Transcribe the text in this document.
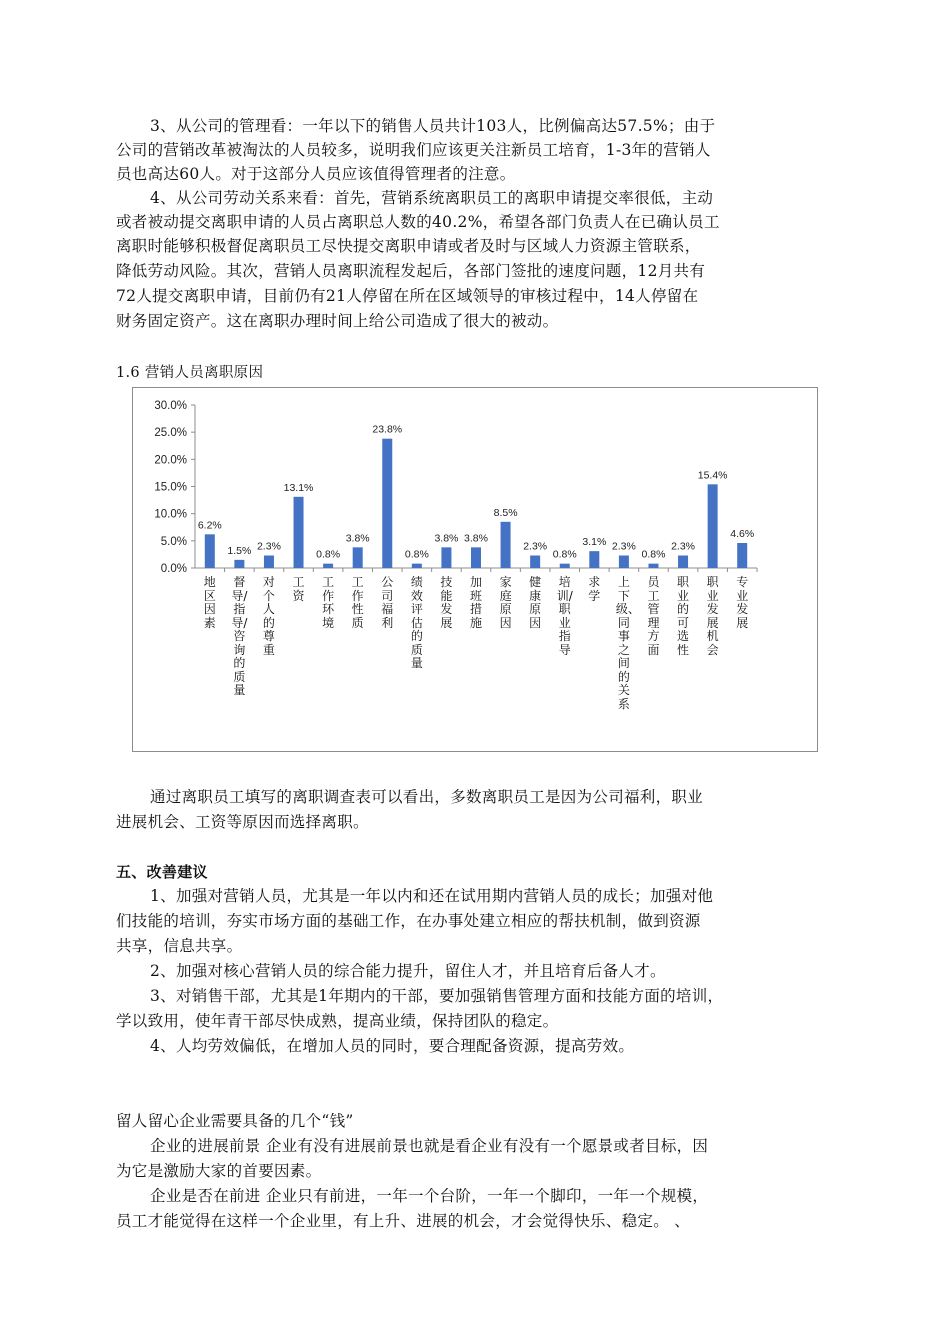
3、从公司的管理看：一年以下的销售人员共计103人，比例偏高达57.5%；由于
公司的营销改革被淘汰的人员较多，说明我们应该更关注新员工培育，1-3年的营销人
员也高达60人。对于这部分人员应该值得管理者的注意。
4、从公司劳动关系来看：首先，营销系统离职员工的离职申请提交率很低，主动
或者被动提交离职申请的人员占离职总人数的40.2%，希望各部门负责人在已确认员工
离职时能够积极督促离职员工尽快提交离职申请或者及时与区域人力资源主管联系，
降低劳动风险。其次，营销人员离职流程发起后，各部门签批的速度问题，12月共有
72人提交离职申请，目前仍有21人停留在所在区域领导的审核过程中，14人停留在
财务固定资产。这在离职办理时间上给公司造成了很大的被动。
1.6 营销人员离职原因
30.0%
25.0%
20.0%
15.0%
10.0%
5.0%
0.0%
6.2%
1.5% 2.3%
13.1%
0.8%
3.8%
23.8%
0.8%
3.8% 3.8%
8.5%
2.3%
0.8%
3.1% 2.3%
0.8%
2.3%
15.4%
4.6%
地区因素
督导/指导/咨询的质量
对个人的尊重
工资
工作环境
工作性质
公司福利
绩效评估的质量
技能发展
加班措施
家庭原因
健康原因
培训/职业指导
求学
上下级、同事之间的关系
员工管理方面
职业的可选性
职业发展机会
专业发展
通过离职员工填写的离职调查表可以看出，多数离职员工是因为公司福利，职业
进展机会、工资等原因而选择离职。
五、改善建议
1、加强对营销人员，尤其是一年以内和还在试用期内营销人员的成长；加强对他
们技能的培训，夯实市场方面的基础工作，在办事处建立相应的帮扶机制，做到资源
共享，信息共享。
2、加强对核心营销人员的综合能力提升，留住人才，并且培育后备人才。
3、对销售干部，尤其是1年期内的干部，要加强销售管理方面和技能方面的培训，
学以致用，使年青干部尽快成熟，提高业绩，保持团队的稳定。
4、人均劳效偏低，在增加人员的同时，要合理配备资源，提高劳效。
留人留心企业需要具备的几个“钱”
企业的进展前景 企业有没有进展前景也就是看企业有没有一个愿景或者目标，因
为它是激励大家的首要因素。
企业是否在前进 企业只有前进，一年一个台阶，一年一个脚印，一年一个规模，
员工才能觉得在这样一个企业里，有上升、进展的机会，才会觉得快乐、稳定。 、
